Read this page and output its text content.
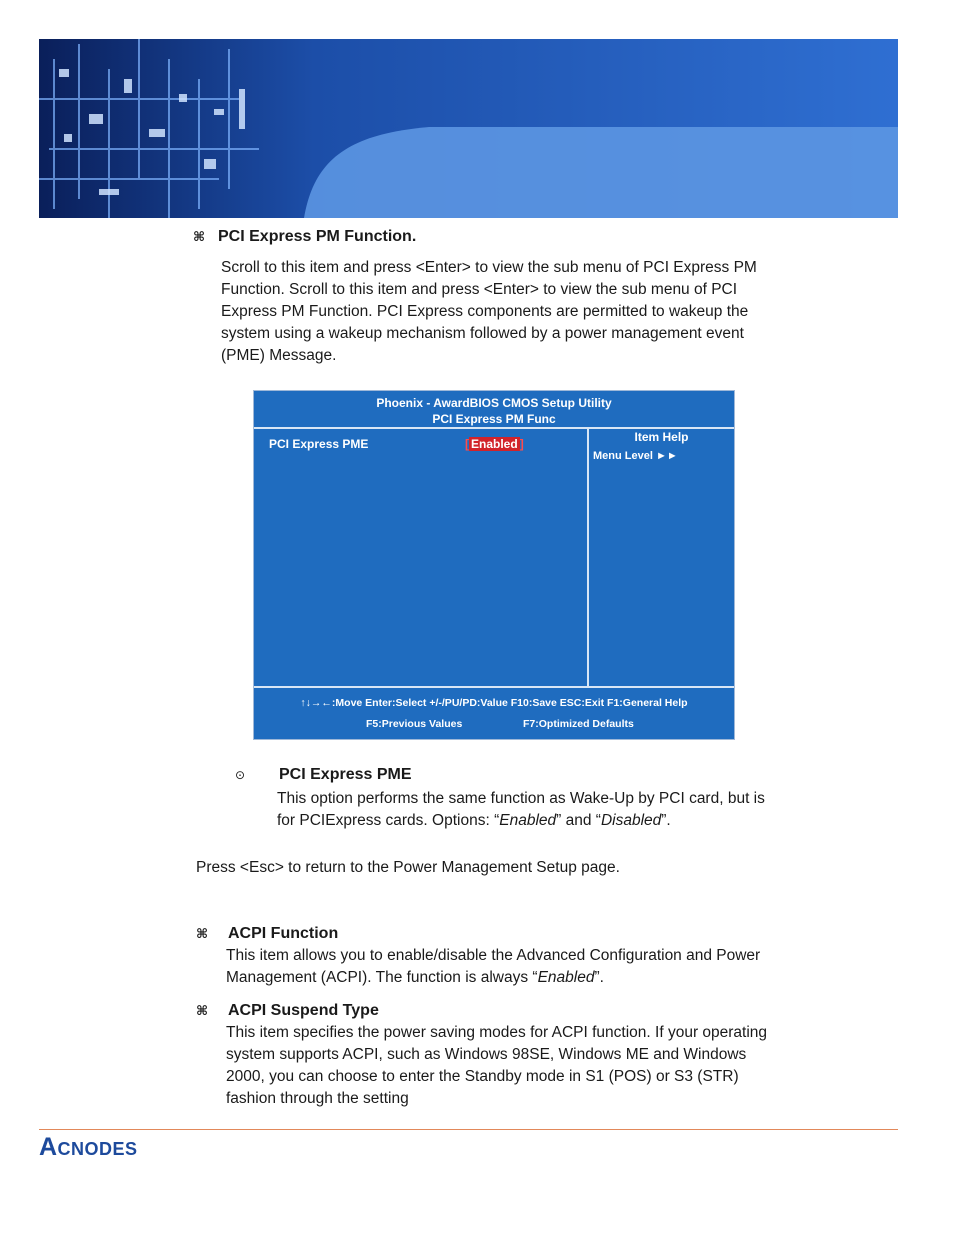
⌘ PCI Express PM Function.
Scroll to this item and press <Enter> to view the sub menu of PCI Express PM Function. Scroll to this item and press <Enter> to view the sub menu of PCI Express PM Function. PCI Express components are permitted to wakeup the system using a wakeup mechanism followed by a power management event (PME) Message.
Phoenix - AwardBIOS CMOS Setup Utility
PCI Express PM Func
PCI Express PME	[ Enabled ]	Item Help
Menu Level ►►
↑↓→←:Move Enter:Select +/-/PU/PD:Value F10:Save ESC:Exit F1:General Help
F5:Previous Values	F7:Optimized Defaults
⊙ PCI Express PME
This option performs the same function as Wake-Up by PCI card, but is for PCIExpress cards. Options: “Enabled” and “Disabled”.
Press <Esc> to return to the Power Management Setup page.
⌘ ACPI Function
This item allows you to enable/disable the Advanced Configuration and Power Management (ACPI). The function is always “Enabled”.
⌘ ACPI Suspend Type
This item specifies the power saving modes for ACPI function. If your operating system supports ACPI, such as Windows 98SE, Windows ME and Windows 2000, you can choose to enter the Standby mode in S1 (POS) or S3 (STR) fashion through the setting
Acnodes
